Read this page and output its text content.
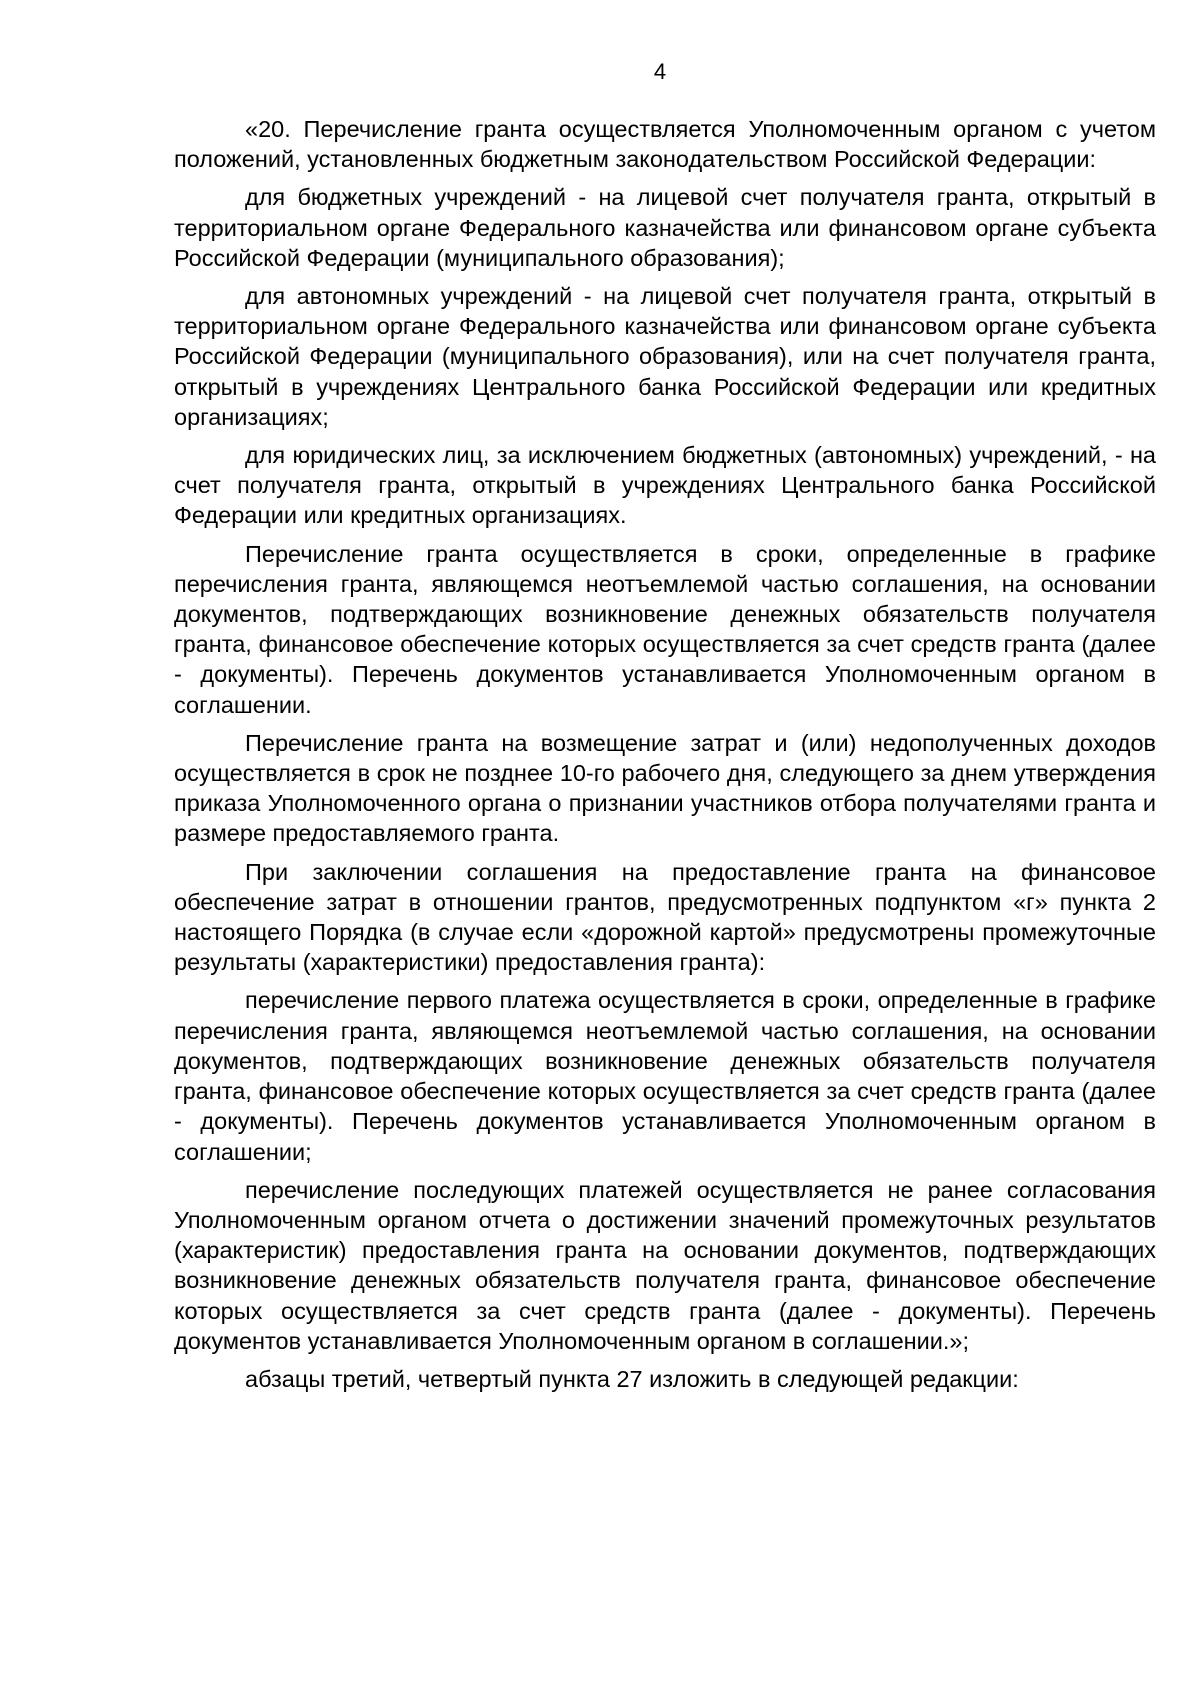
4

«20. Перечисление гранта осуществляется Уполномоченным органом с учетом положений, установленных бюджетным законодательством Российской Федерации:

для бюджетных учреждений - на лицевой счет получателя гранта, открытый в территориальном органе Федерального казначейства или финансовом органе субъекта Российской Федерации (муниципального образования);

для автономных учреждений - на лицевой счет получателя гранта, открытый в территориальном органе Федерального казначейства или финансовом органе субъекта Российской Федерации (муниципального образования), или на счет получателя гранта, открытый в учреждениях Центрального банка Российской Федерации или кредитных организациях;

для юридических лиц, за исключением бюджетных (автономных) учреждений, - на счет получателя гранта, открытый в учреждениях Центрального банка Российской Федерации или кредитных организациях.

Перечисление гранта осуществляется в сроки, определенные в графике перечисления гранта, являющемся неотъемлемой частью соглашения, на основании документов, подтверждающих возникновение денежных обязательств получателя гранта, финансовое обеспечение которых осуществляется за счет средств гранта (далее - документы). Перечень документов устанавливается Уполномоченным органом в соглашении.

Перечисление гранта на возмещение затрат и (или) недополученных доходов осуществляется в срок не позднее 10-го рабочего дня, следующего за днем утверждения приказа Уполномоченного органа о признании участников отбора получателями гранта и размере предоставляемого гранта.

При заключении соглашения на предоставление гранта на финансовое обеспечение затрат в отношении грантов, предусмотренных подпунктом «г» пункта 2 настоящего Порядка (в случае если «дорожной картой» предусмотрены промежуточные результаты (характеристики) предоставления гранта):

перечисление первого платежа осуществляется в сроки, определенные в графике перечисления гранта, являющемся неотъемлемой частью соглашения, на основании документов, подтверждающих возникновение денежных обязательств получателя гранта, финансовое обеспечение которых осуществляется за счет средств гранта (далее - документы). Перечень документов устанавливается Уполномоченным органом в соглашении;

перечисление последующих платежей осуществляется не ранее согласования Уполномоченным органом отчета о достижении значений промежуточных результатов (характеристик) предоставления гранта на основании документов, подтверждающих возникновение денежных обязательств получателя гранта, финансовое обеспечение которых осуществляется за счет средств гранта (далее - документы). Перечень документов устанавливается Уполномоченным органом в соглашении.»;

абзацы третий, четвертый пункта 27 изложить в следующей редакции:
